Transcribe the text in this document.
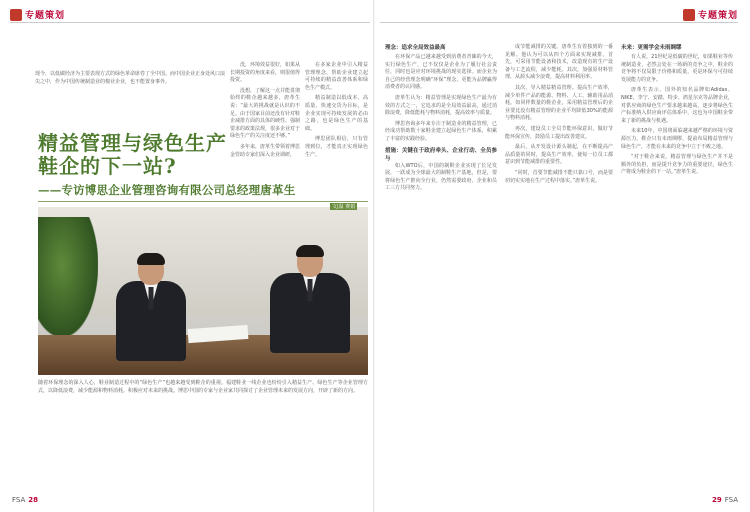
专题策划
现今，以低碳经济为主要表现方式的绿色革命席卷了全中国。而中国企业正身处风口浪尖之中，作为中国传统制造业的棉业企业，也不能置身事外。

没，环境效益很好，如果从长期投资的角度来看，则很值得投资。

没想，了解这一点并能贯彻始终的鞋企越来越多，唐革生说：“最大的挑战就是认识的不足。由于国家目前还没有针对鞋企减排方面的具体的硬性、强制要求的政策法规，很多企业对于绿色生产的关注度还不够。”

多年来，唐革生带领着博思金管助专家们深入企业调研，

在多家企业中引入精益管理理念，帮助企业建立起可持续的精益改善体系和绿色生产模式。

精益制造以低成本、高质量、快速交货为目标，是企业实现可持续发展的必由之路，也是绿色生产的基础。

博思团队相信，只有管理到位，才能真正实现绿色生产。

精益管理与绿色生产
鞋企的下一站?
——专访博思企业管理咨询有限公司总经理唐革生
文|温 赛娟
随着环保理念的深入人心，鞋业制造过程中的“绿色生产”也越来越受到鞋企的重视。福建鞋业一线企业也纷纷引入精益生产、绿色生产等企业管理方式，以降低浪费，减少能源和物料消耗。积极应对未来的挑战。博思中国的专家与企业家共同探讨了企业管理未来的发展方向，开辟了新的方向。
FSA 28
专题策划
理念：追求全局效益最高

在环保产品已越来越受到消费者青睐的今天，实行绿色生产，已不仅仅是企业为了履行社会责任，同时也是应对环境挑战的现实选择。而企业为自己的经营理念明确“环保”理念，更能为品牌赢得消费者的认同感。

唐革生认为：精益管理是实现绿色生产最为有效的方式之一，它追求的是全局效益最高，通过消除浪费，降低能耗与物料消耗，提高效率与质量。

博思咨询多年来专注于制造业的精益管理，已经成功帮助数十家鞋企建立起绿色生产体系，积累了丰富的实践经验。

措施：关键在于政府牵头、企业行动、全员参与

如入WTO后，中国的制鞋企业实现了长足发展，一跃成为全球最大的制鞋生产基地，但是，要将绿色生产推向全行业，仍然需要政府、企业和员工三方共同努力。

成节能减排的关键。唐革生有着独到的一番见解。他认为可以从四个方面来实现减排。首先，可采用节能设备和技术，改造现有的生产设备与工艺流程，减少能耗。其次，加强原材料管理，从源头减少浪费，提高材料利用率。

其次，导入精益精益管理。提高生产效率，减少单件产品的能源、物料、人工、辅助用品消耗。如同样数量的鞋企业，采用精益管理后的企业要比没有精益管理的企业平均降低30%的能源与物料消耗。

再次，建设员工全员节能环保意识，做好节能环保宣传，鼓励员工提出改善建议。

最后，从开发设计源头制起，在不断提高产品质量的同时，提高生产效率，使每一位员工都意识到节能减排的重要性。

“同时，首要节能减排不能只靠口号，而是要切切实实地在生产过程中落实。”唐革生说。

未来：更需学会未雨绸缪

有人说，21世纪是低碳的世纪，如果鞋业等传统制造业，必然会处在一场新的竞争之中，鞋企的竞争将不仅局限于价格和质量，更是环保与可持续发展能力的竞争。

唐革生表示，国外的知名品牌如Adidas、NIKE、李宁、安踏、特步、鸿星尔克等品牌企业，对供应商的绿色生产要求越来越高，逐步将绿色生产标准纳入供应商评估体系中，这也为中国鞋企带来了新的挑战与机遇。

未来10年，中国将面临越来越严格的环境与资源压力，鞋企只有未雨绸缪，提前布局精益管理与绿色生产，才能在未来的竞争中立于不败之地。

“对于鞋企来说，精益管理与绿色生产并不是额外的负担，而是提升竞争力的重要途径，绿色生产将成为鞋企的下一站。”唐革生说。

29 FSA
